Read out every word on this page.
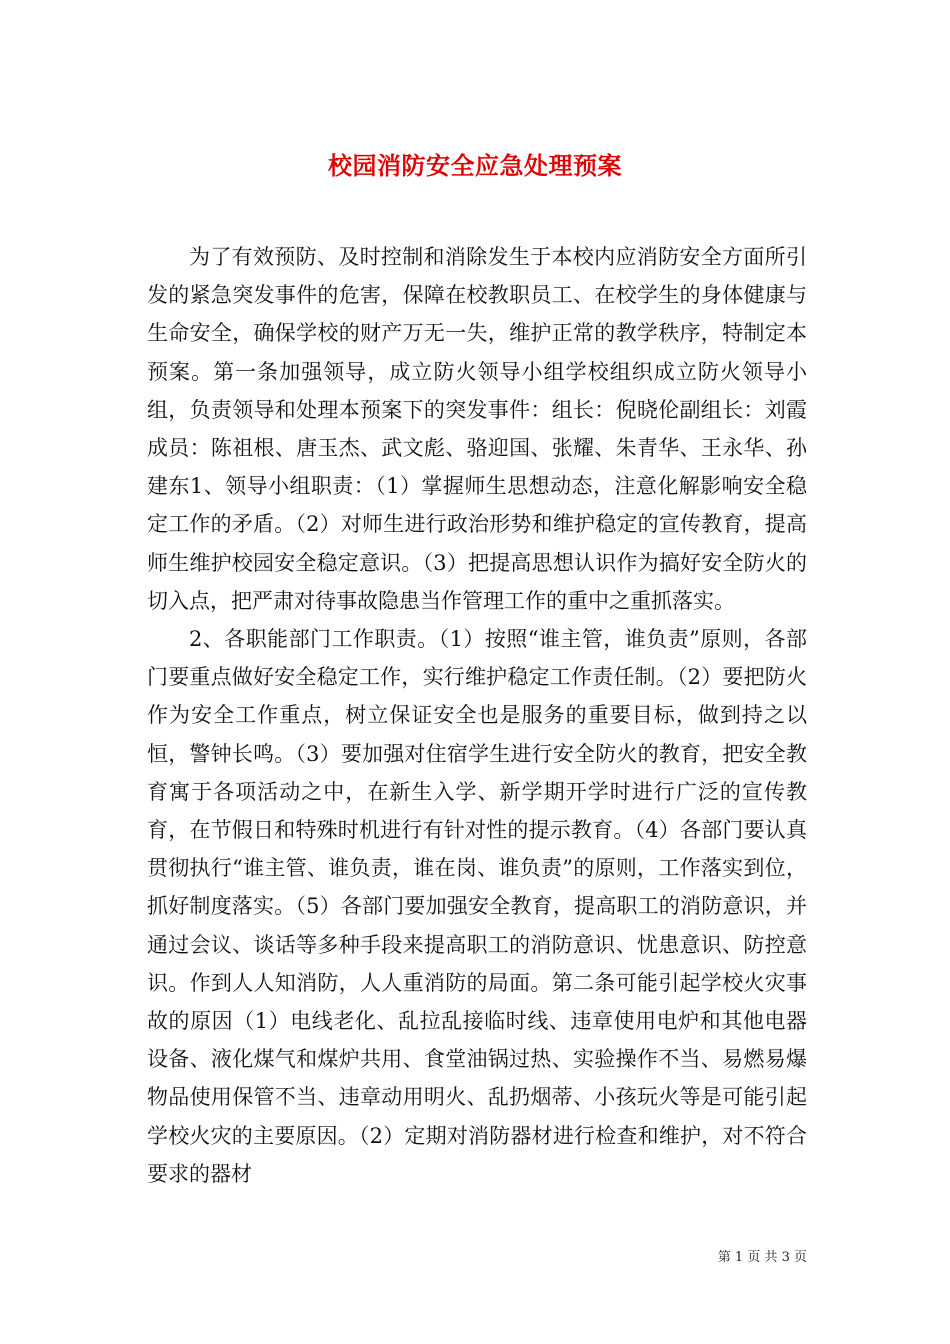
校园消防安全应急处理预案

为了有效预防、及时控制和消除发生于本校内应消防安全方面所引发的紧急突发事件的危害，保障在校教职员工、在校学生的身体健康与生命安全，确保学校的财产万无一失，维护正常的教学秩序，特制定本预案。第一条加强领导，成立防火领导小组学校组织成立防火领导小组，负责领导和处理本预案下的突发事件：组长：倪晓伦副组长：刘霞成员：陈祖根、唐玉杰、武文彪、骆迎国、张耀、朱青华、王永华、孙建东1、领导小组职责：（1）掌握师生思想动态，注意化解影响安全稳定工作的矛盾。（2）对师生进行政治形势和维护稳定的宣传教育，提高师生维护校园安全稳定意识。（3）把提高思想认识作为搞好安全防火的切入点，把严肃对待事故隐患当作管理工作的重中之重抓落实。

2、各职能部门工作职责。（1）按照“谁主管，谁负责”原则，各部门要重点做好安全稳定工作，实行维护稳定工作责任制。（2）要把防火作为安全工作重点，树立保证安全也是服务的重要目标，做到持之以恒，警钟长鸣。（3）要加强对住宿学生进行安全防火的教育，把安全教育寓于各项活动之中，在新生入学、新学期开学时进行广泛的宣传教育，在节假日和特殊时机进行有针对性的提示教育。（4）各部门要认真贯彻执行“谁主管、谁负责，谁在岗、谁负责”的原则，工作落实到位，抓好制度落实。（5）各部门要加强安全教育，提高职工的消防意识，并通过会议、谈话等多种手段来提高职工的消防意识、忧患意识、防控意识。作到人人知消防，人人重消防的局面。第二条可能引起学校火灾事故的原因（1）电线老化、乱拉乱接临时线、违章使用电炉和其他电器设备、液化煤气和煤炉共用、食堂油锅过热、实验操作不当、易燃易爆物品使用保管不当、违章动用明火、乱扔烟蒂、小孩玩火等是可能引起学校火灾的主要原因。（2）定期对消防器材进行检查和维护，对不符合要求的器材

第 1 页 共 3 页
